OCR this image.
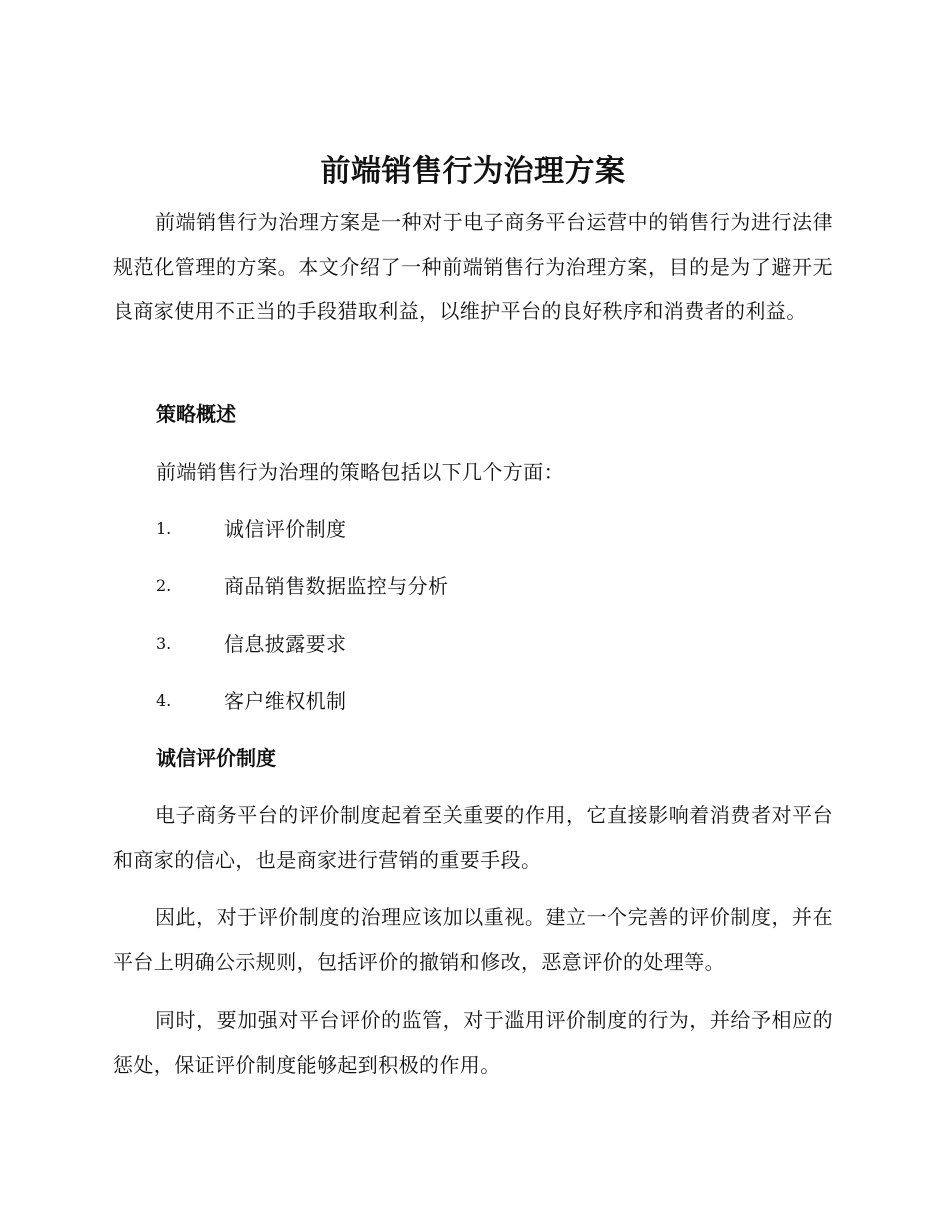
前端销售行为治理方案

前端销售行为治理方案是一种对于电子商务平台运营中的销售行为进行法律规范化管理的方案。本文介绍了一种前端销售行为治理方案，目的是为了避开无良商家使用不正当的手段猎取利益，以维护平台的良好秩序和消费者的利益。

策略概述

前端销售行为治理的策略包括以下几个方面：

1.	诚信评价制度
2.	商品销售数据监控与分析
3.	信息披露要求
4.	客户维权机制
诚信评价制度

电子商务平台的评价制度起着至关重要的作用，它直接影响着消费者对平台和商家的信心，也是商家进行营销的重要手段。

因此，对于评价制度的治理应该加以重视。建立一个完善的评价制度，并在平台上明确公示规则，包括评价的撤销和修改，恶意评价的处理等。

同时，要加强对平台评价的监管，对于滥用评价制度的行为，并给予相应的惩处，保证评价制度能够起到积极的作用。
